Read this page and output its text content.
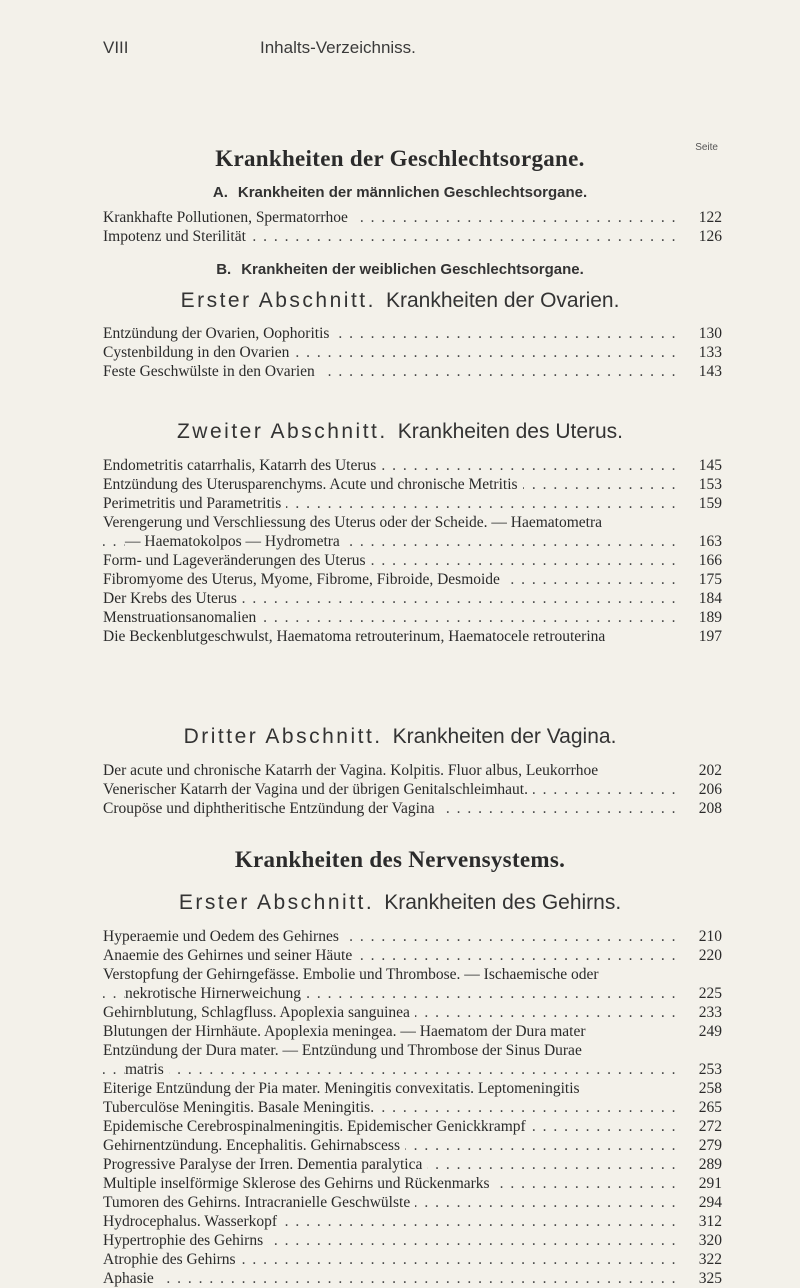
VIII	Inhalts-Verzeichniss.
Seite
Krankheiten der Geschlechtsorgane.
A. Krankheiten der männlichen Geschlechtsorgane.
Krankhafte Pollutionen, Spermatorrhoe . . .	122
Impotenz und Sterilität . . .	126
B. Krankheiten der weiblichen Geschlechtsorgane.
Erster Abschnitt. Krankheiten der Ovarien.
Entzündung der Ovarien, Oophoritis . . .	130
Cystenbildung in den Ovarien . . .	133
Feste Geschwülste in den Ovarien . . .	143
Zweiter Abschnitt. Krankheiten des Uterus.
Endometritis catarrhalis, Katarrh des Uterus . . .	145
Entzündung des Uterusparenchyms. Acute und chronische Metritis . . .	153
Perimetritis und Parametritis . . .	159
Verengerung und Verschliessung des Uterus oder der Scheide. — Haematometra
— Haematokolpos — Hydrometra . . .	163
Form- und Lageveränderungen des Uterus . . .	166
Fibromyome des Uterus, Myome, Fibrome, Fibroide, Desmoide . . .	175
Der Krebs des Uterus . . .	184
Menstruationsanomalien . . .	189
Die Beckenblutgeschwulst, Haematoma retrouterinum, Haematocele retrouterina	197
Dritter Abschnitt. Krankheiten der Vagina.
Der acute und chronische Katarrh der Vagina. Kolpitis. Fluor albus, Leukorrhoe	202
Venerischer Katarrh der Vagina und der übrigen Genitalschleimhaut. . . .	206
Croupöse und diphtheritische Entzündung der Vagina . . .	208
Krankheiten des Nervensystems.
Erster Abschnitt. Krankheiten des Gehirns.
Hyperaemie und Oedem des Gehirnes . . .	210
Anaemie des Gehirnes und seiner Häute . . .	220
Verstopfung der Gehirngefässe. Embolie und Thrombose. — Ischaemische oder
nekrotische Hirnerweichung . . .	225
Gehirnblutung, Schlagfluss. Apoplexia sanguinea . . .	233
Blutungen der Hirnhäute. Apoplexia meningea. — Haematom der Dura mater	249
Entzündung der Dura mater. — Entzündung und Thrombose der Sinus Durae
matris . . .	253
Eiterige Entzündung der Pia mater. Meningitis convexitatis. Leptomeningitis	258
Tuberculöse Meningitis. Basale Meningitis. . . .	265
Epidemische Cerebrospinalmeningitis. Epidemischer Genickkrampf . . .	272
Gehirnentzündung. Encephalitis. Gehirnabscess . . .	279
Progressive Paralyse der Irren. Dementia paralytica . . .	289
Multiple inselförmige Sklerose des Gehirns und Rückenmarks . . .	291
Tumoren des Gehirns. Intracranielle Geschwülste . . .	294
Hydrocephalus. Wasserkopf . . .	312
Hypertrophie des Gehirns . . .	320
Atrophie des Gehirns . . .	322
Aphasie . . .	325
